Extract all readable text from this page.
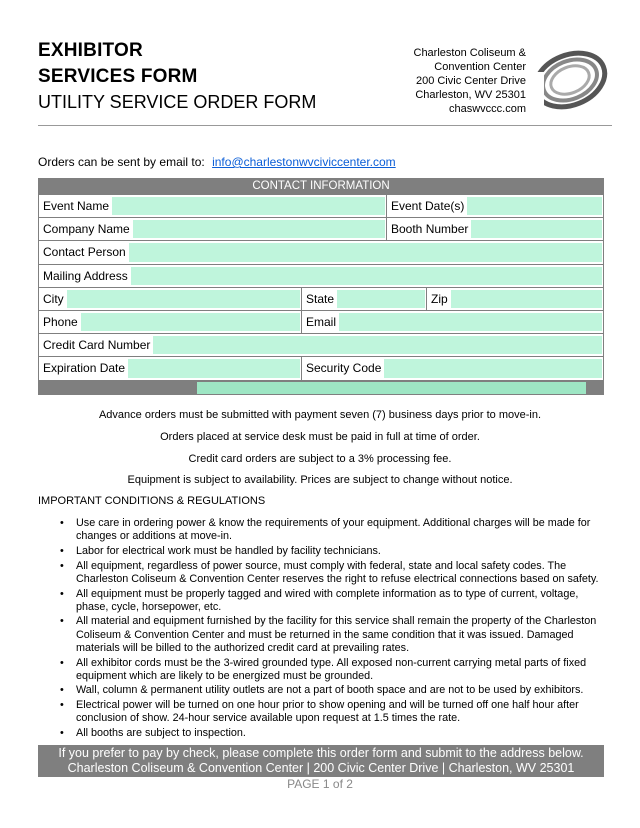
EXHIBITOR
SERVICES FORM
UTILITY SERVICE ORDER FORM
Charleston Coliseum &
Convention Center
200 Civic Center Drive
Charleston, WV 25301
chaswvccc.com
Orders can be sent by email to: info@charlestonwvciviccenter.com
CONTACT INFORMATION
Event Name	Event Date(s)
Company Name	Booth Number
Contact Person
Mailing Address
City	State	Zip
Phone	Email
Credit Card Number
Expiration Date	Security Code
Advance orders must be submitted with payment seven (7) business days prior to move-in.
Orders placed at service desk must be paid in full at time of order.
Credit card orders are subject to a 3% processing fee.
Equipment is subject to availability. Prices are subject to change without notice.
IMPORTANT CONDITIONS & REGULATIONS
• Use care in ordering power & know the requirements of your equipment. Additional charges will be made for changes or additions at move-in.
• Labor for electrical work must be handled by facility technicians.
• All equipment, regardless of power source, must comply with federal, state and local safety codes. The Charleston Coliseum & Convention Center reserves the right to refuse electrical connections based on safety.
• All equipment must be properly tagged and wired with complete information as to type of current, voltage, phase, cycle, horsepower, etc.
• All material and equipment furnished by the facility for this service shall remain the property of the Charleston Coliseum & Convention Center and must be returned in the same condition that it was issued. Damaged materials will be billed to the authorized credit card at prevailing rates.
• All exhibitor cords must be the 3-wired grounded type. All exposed non-current carrying metal parts of fixed equipment which are likely to be energized must be grounded.
• Wall, column & permanent utility outlets are not a part of booth space and are not to be used by exhibitors.
• Electrical power will be turned on one hour prior to show opening and will be turned off one half hour after conclusion of show. 24-hour service available upon request at 1.5 times the rate.
• All booths are subject to inspection.
If you prefer to pay by check, please complete this order form and submit to the address below.
Charleston Coliseum & Convention Center | 200 Civic Center Drive | Charleston, WV 25301
PAGE 1 of 2
